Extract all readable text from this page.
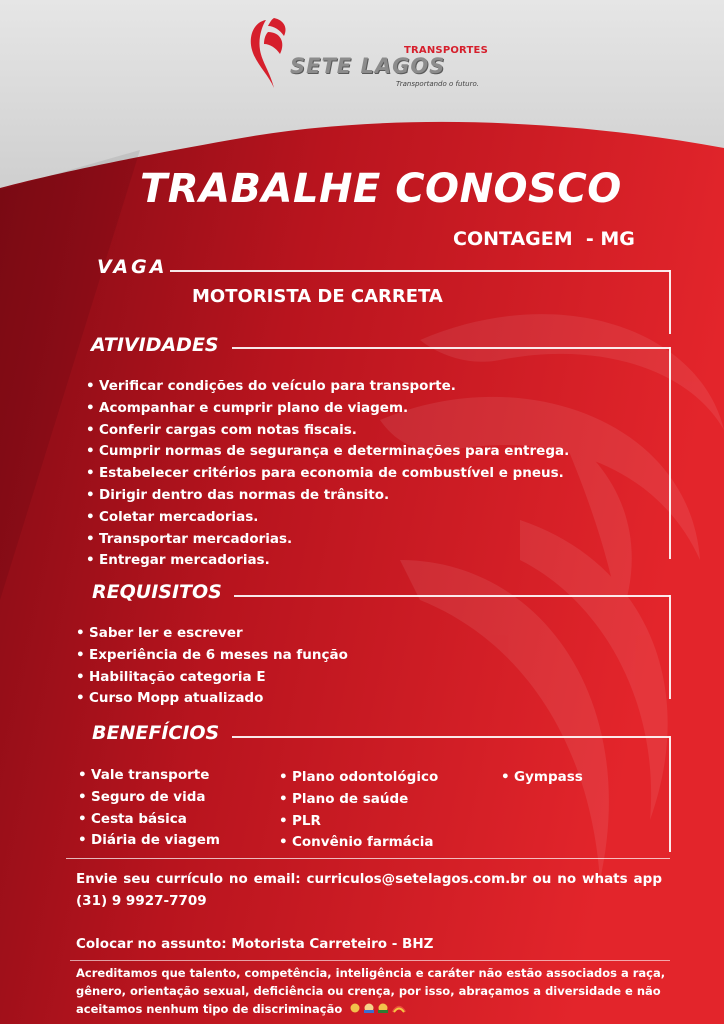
TRANSPORTES
SETE LAGOS
Transportando o futuro.
TRABALHE CONOSCO
CONTAGEM  - MG
VAGA
MOTORISTA DE CARRETA
ATIVIDADES
• Verificar condições do veículo para transporte.
• Acompanhar e cumprir plano de viagem.
• Conferir cargas com notas fiscais.
• Cumprir normas de segurança e determinações para entrega.
• Estabelecer critérios para economia de combustível e pneus.
• Dirigir dentro das normas de trânsito.
• Coletar mercadorias.
• Transportar mercadorias.
• Entregar mercadorias.
REQUISITOS
• Saber ler e escrever
• Experiência de 6 meses na função
• Habilitação categoria E
• Curso Mopp atualizado
BENEFÍCIOS
• Vale transporte
• Seguro de vida
• Cesta básica
• Diária de viagem
• Plano odontológico
• Plano de saúde
• PLR
• Convênio farmácia
• Gympass
Envie seu currículo no email: curriculos@setelagos.com.br ou no whats app (31) 9 9927-7709
Colocar no assunto: Motorista Carreteiro - BHZ
Acreditamos que talento, competência, inteligência e caráter não estão associados a raça, gênero, orientação sexual, deficiência ou crença, por isso, abraçamos a diversidade e não aceitamos nenhum tipo de discriminação
